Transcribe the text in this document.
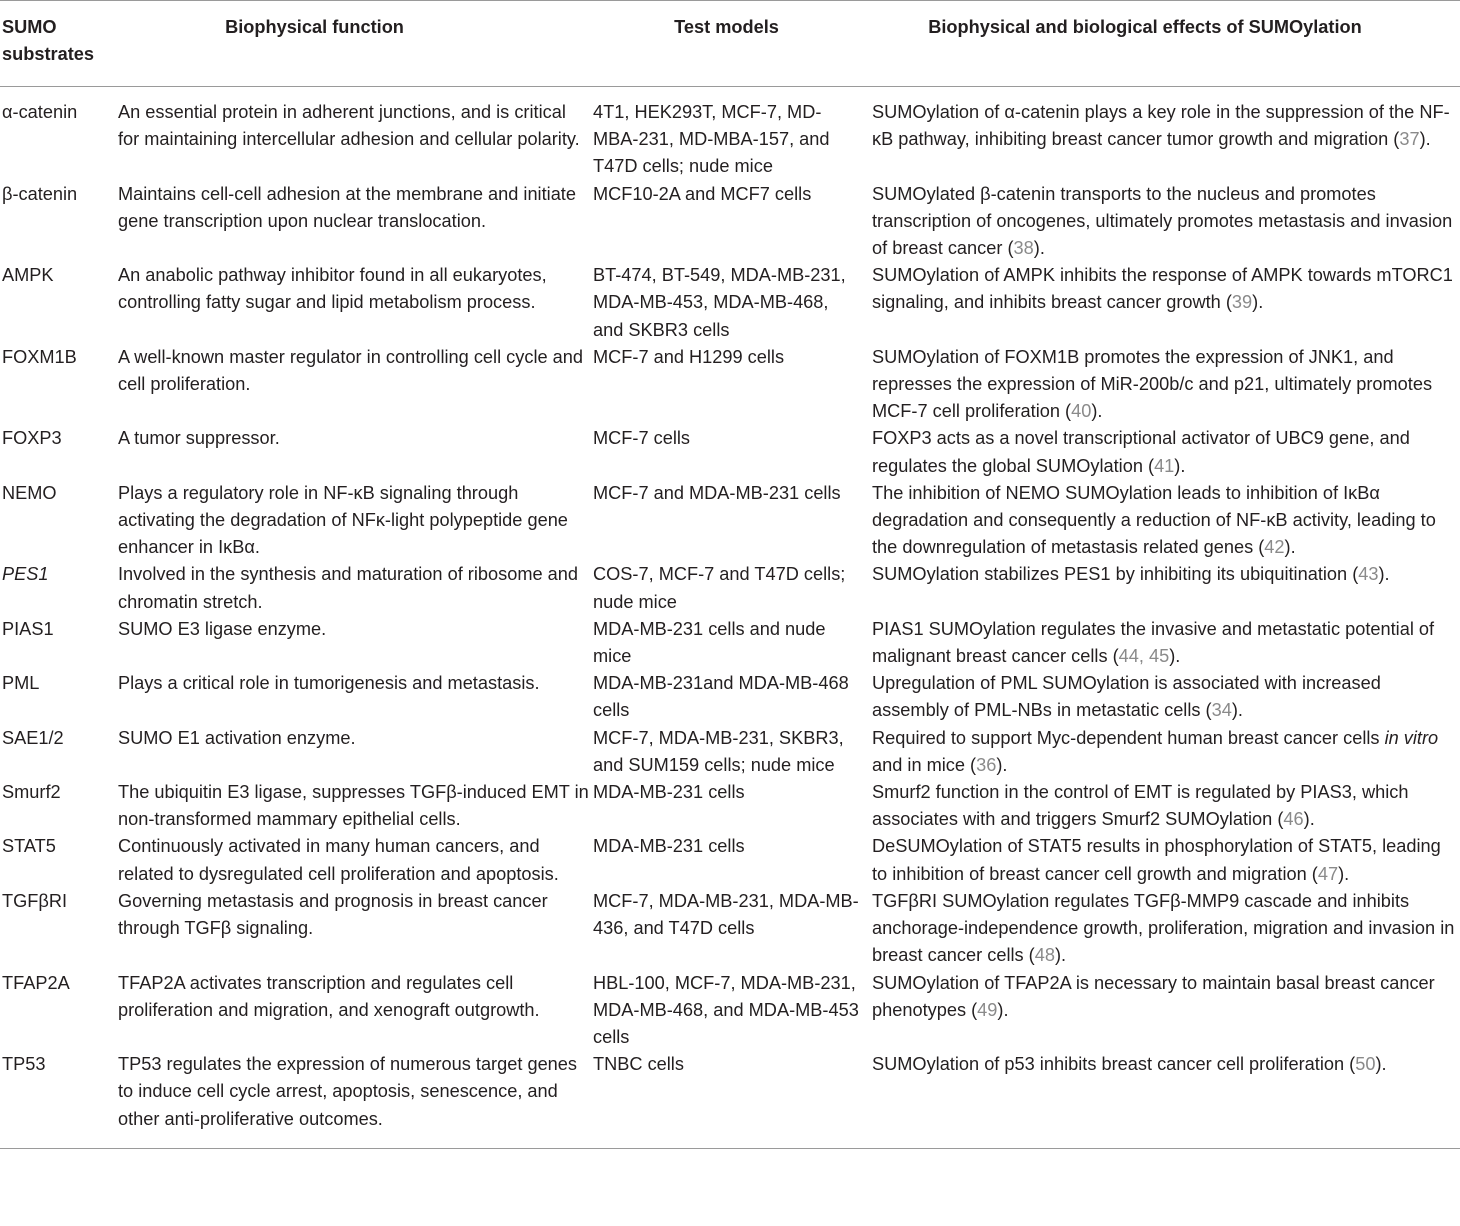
SUMO substrates	Biophysical function	Test models	Biophysical and biological effects of SUMOylation
α-catenin	An essential protein in adherent junctions, and is critical for maintaining intercellular adhesion and cellular polarity.	4T1, HEK293T, MCF-7, MD-MBA-231, MD-MBA-157, and T47D cells; nude mice	SUMOylation of α-catenin plays a key role in the suppression of the NF-κB pathway, inhibiting breast cancer tumor growth and migration (37).
β-catenin	Maintains cell-cell adhesion at the membrane and initiate gene transcription upon nuclear translocation.	MCF10-2A and MCF7 cells	SUMOylated β-catenin transports to the nucleus and promotes transcription of oncogenes, ultimately promotes metastasis and invasion of breast cancer (38).
AMPK	An anabolic pathway inhibitor found in all eukaryotes, controlling fatty sugar and lipid metabolism process.	BT-474, BT-549, MDA-MB-231, MDA-MB-453, MDA-MB-468, and SKBR3 cells	SUMOylation of AMPK inhibits the response of AMPK towards mTORC1 signaling, and inhibits breast cancer growth (39).
FOXM1B	A well-known master regulator in controlling cell cycle and cell proliferation.	MCF-7 and H1299 cells	SUMOylation of FOXM1B promotes the expression of JNK1, and represses the expression of MiR-200b/c and p21, ultimately promotes MCF-7 cell proliferation (40).
FOXP3	A tumor suppressor.	MCF-7 cells	FOXP3 acts as a novel transcriptional activator of UBC9 gene, and regulates the global SUMOylation (41).
NEMO	Plays a regulatory role in NF-κB signaling through activating the degradation of NFκ-light polypeptide gene enhancer in IκBα.	MCF-7 and MDA-MB-231 cells	The inhibition of NEMO SUMOylation leads to inhibition of IκBα degradation and consequently a reduction of NF-κB activity, leading to the downregulation of metastasis related genes (42).
PES1	Involved in the synthesis and maturation of ribosome and chromatin stretch.	COS-7, MCF-7 and T47D cells; nude mice	SUMOylation stabilizes PES1 by inhibiting its ubiquitination (43).
PIAS1	SUMO E3 ligase enzyme.	MDA-MB-231 cells and nude mice	PIAS1 SUMOylation regulates the invasive and metastatic potential of malignant breast cancer cells (44, 45).
PML	Plays a critical role in tumorigenesis and metastasis.	MDA-MB-231and MDA-MB-468 cells	Upregulation of PML SUMOylation is associated with increased assembly of PML-NBs in metastatic cells (34).
SAE1/2	SUMO E1 activation enzyme.	MCF-7, MDA-MB-231, SKBR3, and SUM159 cells; nude mice	Required to support Myc-dependent human breast cancer cells in vitro and in mice (36).
Smurf2	The ubiquitin E3 ligase, suppresses TGFβ-induced EMT in non-transformed mammary epithelial cells.	MDA-MB-231 cells	Smurf2 function in the control of EMT is regulated by PIAS3, which associates with and triggers Smurf2 SUMOylation (46).
STAT5	Continuously activated in many human cancers, and related to dysregulated cell proliferation and apoptosis.	MDA-MB-231 cells	DeSUMOylation of STAT5 results in phosphorylation of STAT5, leading to inhibition of breast cancer cell growth and migration (47).
TGFβRI	Governing metastasis and prognosis in breast cancer through TGFβ signaling.	MCF-7, MDA-MB-231, MDA-MB-436, and T47D cells	TGFβRI SUMOylation regulates TGFβ-MMP9 cascade and inhibits anchorage-independence growth, proliferation, migration and invasion in breast cancer cells (48).
TFAP2A	TFAP2A activates transcription and regulates cell proliferation and migration, and xenograft outgrowth.	HBL-100, MCF-7, MDA-MB-231, MDA-MB-468, and MDA-MB-453 cells	SUMOylation of TFAP2A is necessary to maintain basal breast cancer phenotypes (49).
TP53	TP53 regulates the expression of numerous target genes to induce cell cycle arrest, apoptosis, senescence, and other anti-proliferative outcomes.	TNBC cells	SUMOylation of p53 inhibits breast cancer cell proliferation (50).
